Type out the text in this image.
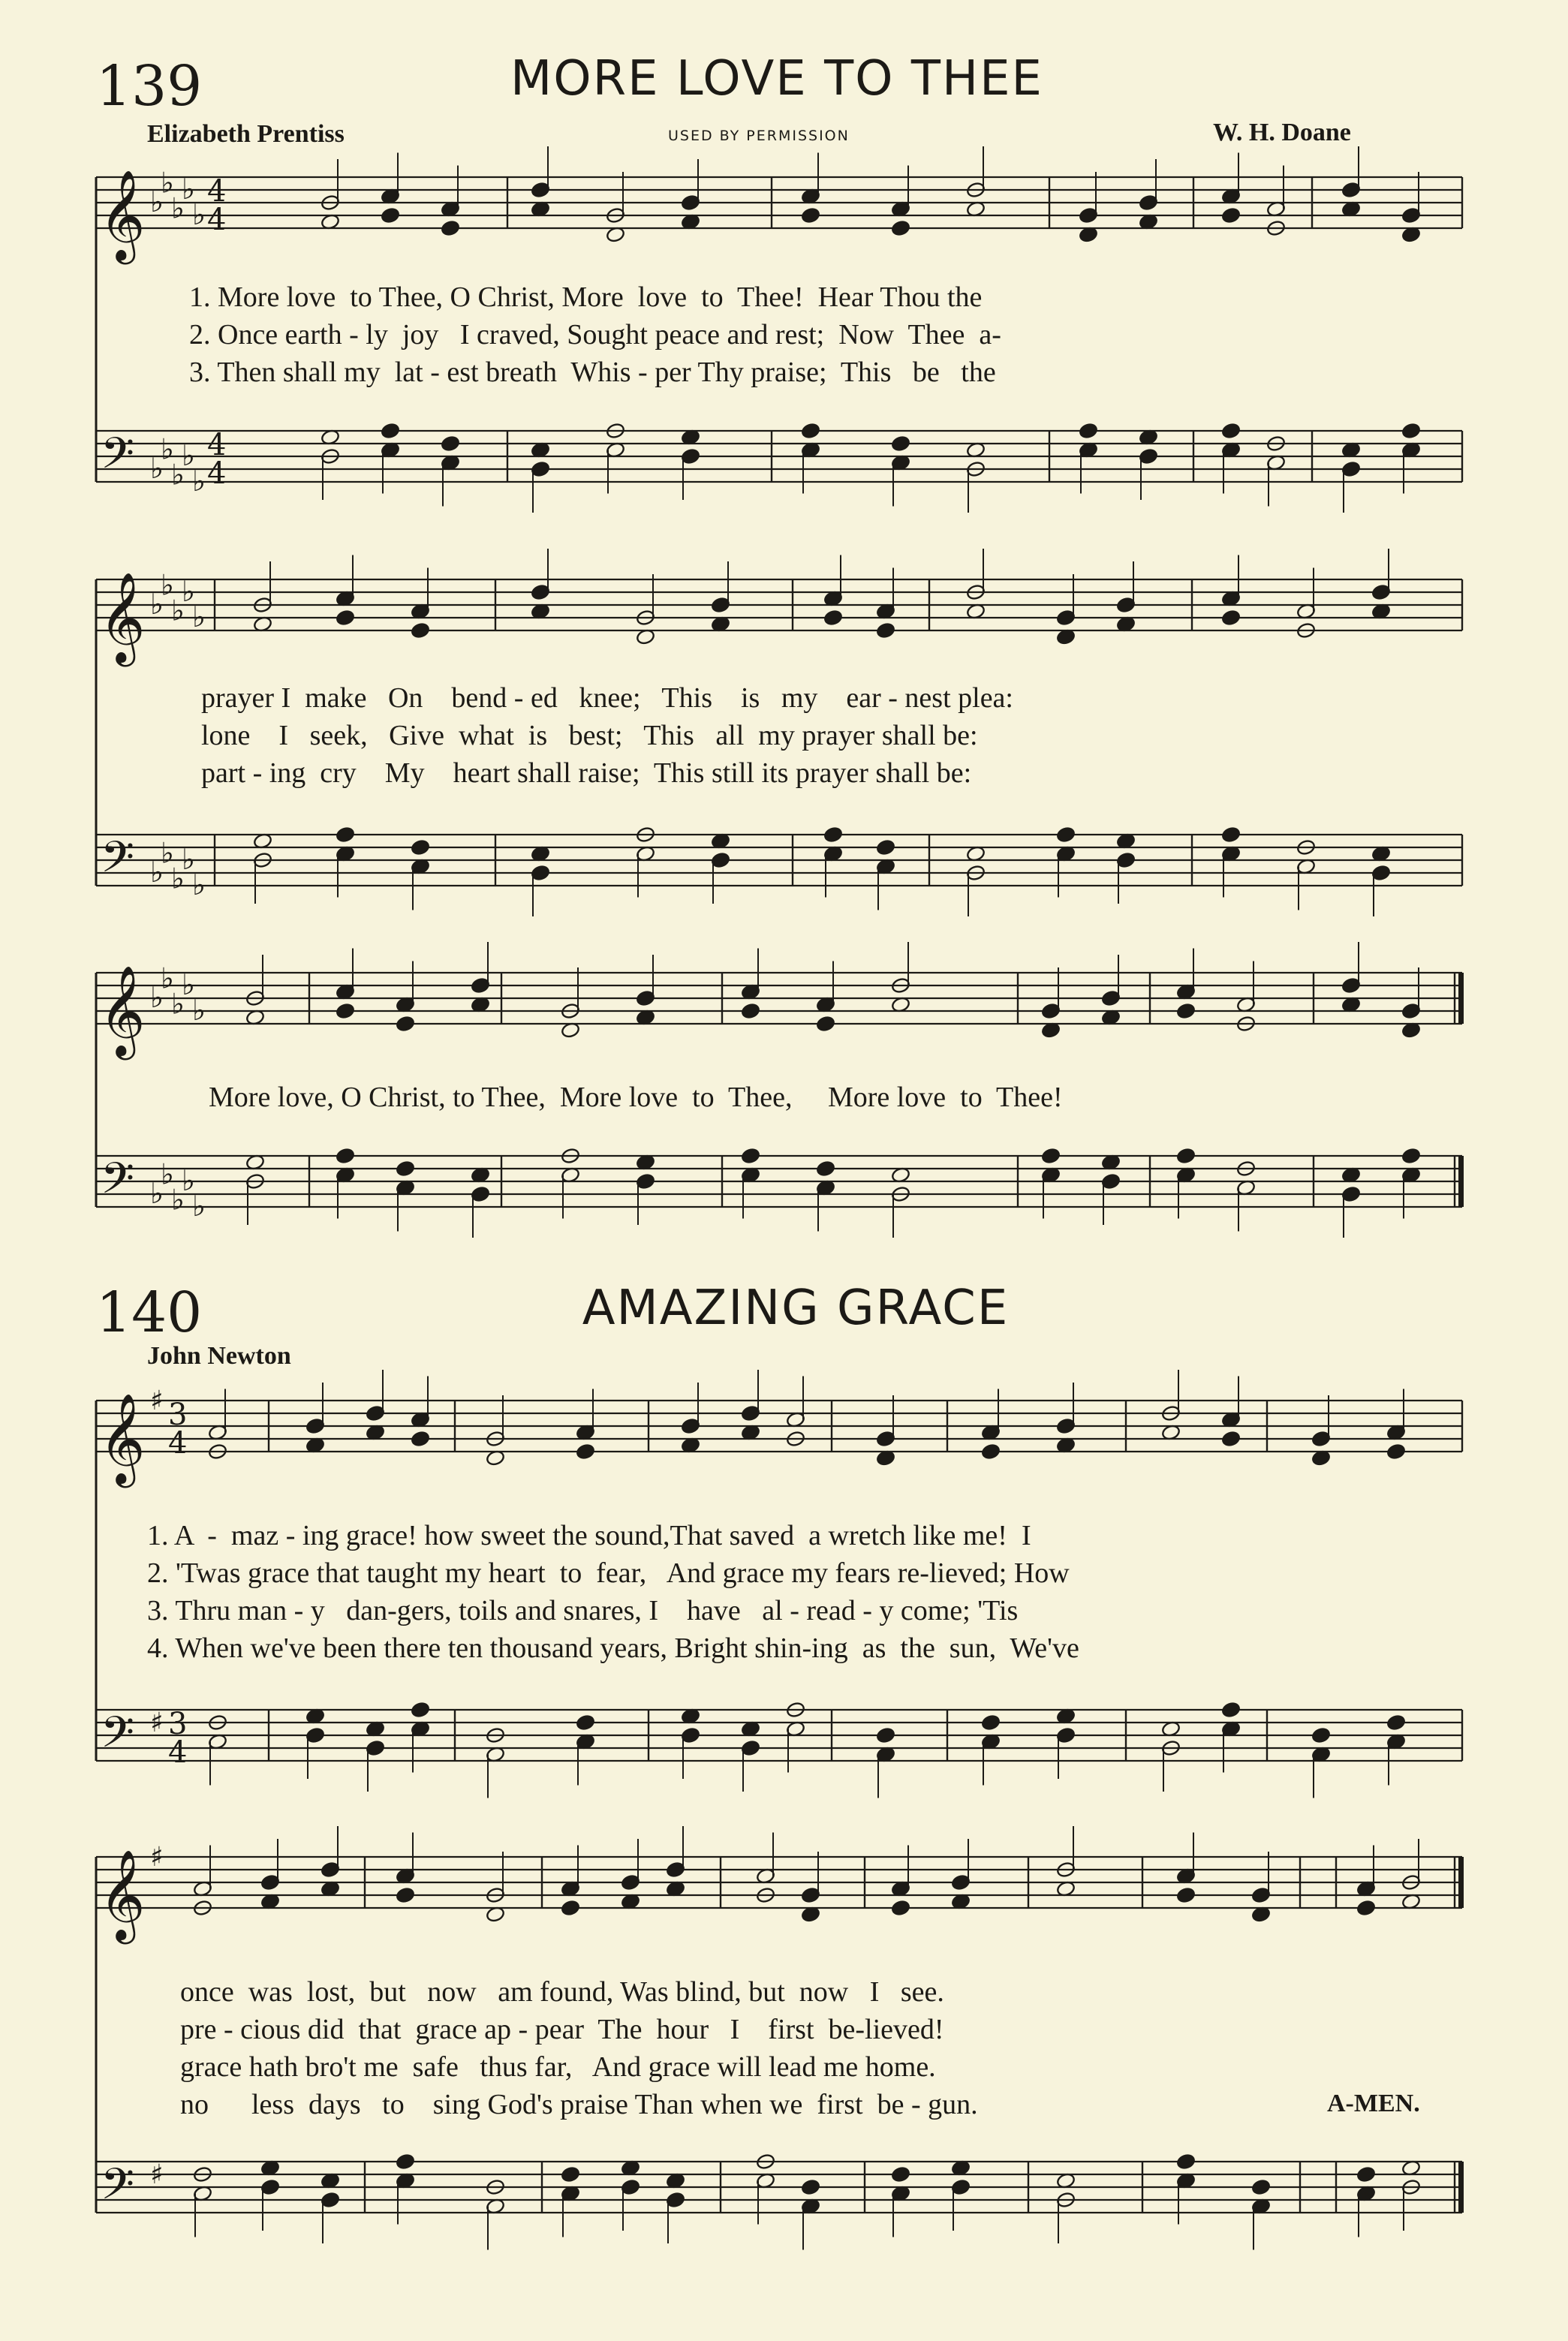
139	MORE LOVE TO THEE
Elizabeth Prentiss	USED BY PERMISSION	W. H. Doane
1. More love  to Thee, O Christ, More  love  to  Thee!  Hear Thou the
2. Once earth - ly  joy   I craved, Sought peace and rest;  Now  Thee  a-
3. Then shall my  lat - est breath  Whis - per Thy praise;  This   be   the
prayer I  make   On    bend - ed   knee;   This    is   my    ear - nest plea:
lone    I   seek,   Give  what  is   best;   This   all  my prayer shall be:
part - ing  cry    My    heart shall raise;  This still its prayer shall be:
More love, O Christ, to Thee,  More love  to  Thee,     More love  to  Thee!
140	AMAZING GRACE
John Newton
1. A  -  maz - ing grace! how sweet the sound,That saved  a wretch like me!  I
2. 'Twas grace that taught my heart  to  fear,   And grace my fears re-lieved; How
3. Thru man - y   dan-gers, toils and snares, I    have   al - read - y come; 'Tis
4. When we've been there ten thousand years, Bright shin-ing  as  the  sun,  We've
once  was  lost,  but   now   am found, Was blind, but  now   I   see.
pre - cious did  that  grace ap - pear  The  hour   I    first  be-lieved!
grace hath bro't me  safe   thus far,   And grace will lead me home.
no      less  days   to    sing God's praise Than when we  first  be - gun.	A-MEN.
𝄞 ♭
♭
♭
♭
♭
4
4
𝄢 ♭
♭
♭
♭
♭
4
4
𝄞 ♭
♭
♭
♭
♭
𝄢 ♭
♭
♭
♭
♭
𝄞 ♭
♭
♭
♭
♭
𝄢 ♭
♭
♭
♭
♭
𝄞 ♯ 3
4
𝄢 ♯ 3
4
𝄞 ♯
𝄢 ♯
